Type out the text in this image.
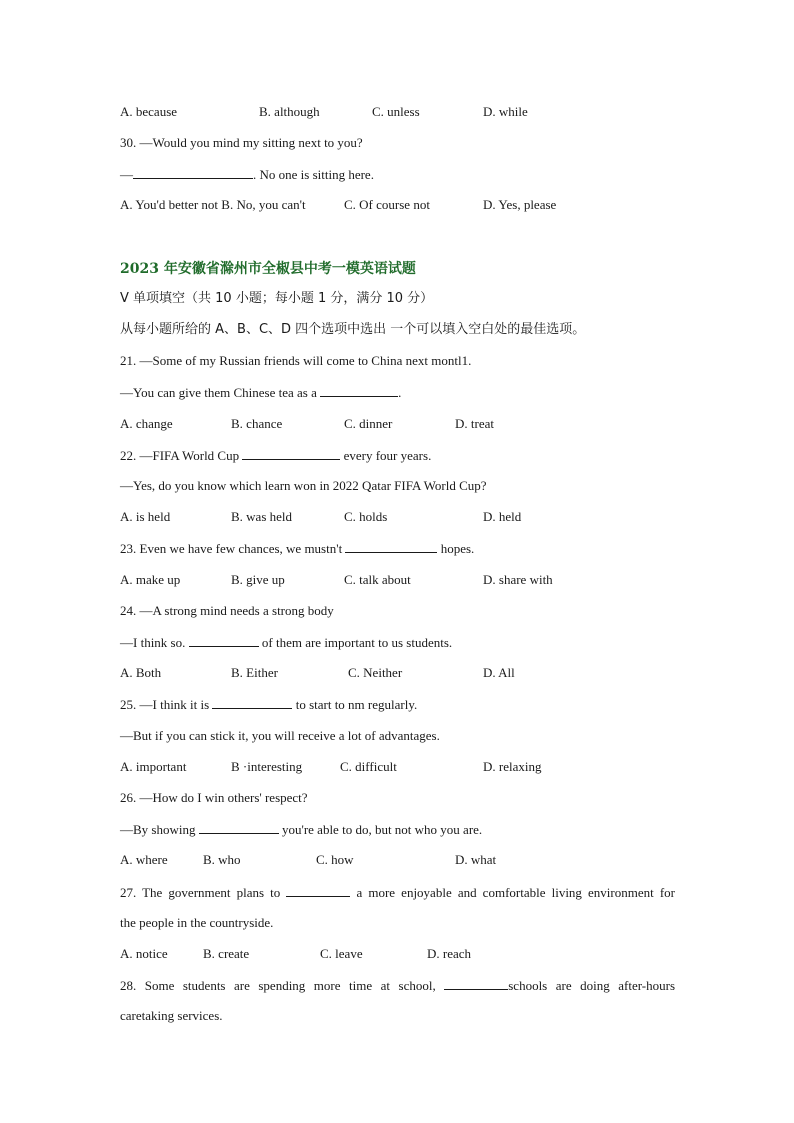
A. because	B. although	C. unless	D. while
30. —Would you mind my sitting next to you?
—	. No one is sitting here.
A. You'd better not B. No, you can't	C. Of course not	D. Yes, please
2023 年安徽省滁州市全椒县中考一模英语试题
V 单项填空（共 10 小题；每小题 1 分，满分 10 分）
从每小题所给的 A、B、C、D 四个选项中选出 一个可以填入空白处的最佳选项。
21. —Some of my Russian friends will come to China next montl1.
—You can give them Chinese tea as a	.
A. change	B. chance	C. dinner	D. treat
22. —FIFA World Cup	every four years.
—Yes, do you know which learn won in 2022 Qatar FIFA World Cup?
A. is held	B. was held	C. holds	D. held
23. Even we have few chances, we mustn't	hopes.
A. make up	B. give up	C. talk about	D. share with
24. —A strong mind needs a strong body
—I think so.	of them are important to us students.
A. Both	B. Either	C. Neither	D. All
25. —I think it is	to start to nm regularly.
—But if you can stick it, you will receive a lot of advantages.
A. important	B ·interesting	C. difficult	D. relaxing
26. —How do I win others' respect?
—By showing	you're able to do, but not who you are.
A. where	B. who	C. how	D. what
27. The government plans to	a more enjoyable and comfortable living environment for
the people in the countryside.
A. notice	B. create	C. leave	D. reach
28. Some students are spending more time at school,	schools are doing after-hours
caretaking services.
